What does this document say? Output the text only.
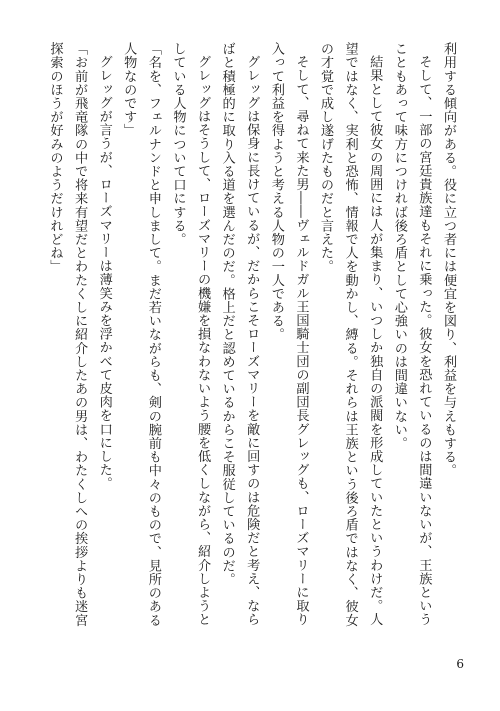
利用する傾向がある。役に立つ者には便宜を図り、利益を与えもする。

そして、一部の宮廷貴族達もそれに乗った。彼女を恐れているのは間違いないが、王族ということもあって味方につければ後ろ盾として心強いのは間違いない。

結果として彼女の周囲には人が集まり、いつしか独自の派閥を形成していたというわけだ。人望ではなく、実利と恐怖、情報で人を動かし、縛る。それらは王族という後ろ盾ではなく、彼女の才覚で成し遂げたものだと言えた。

そして、尋ねて来た男――ヴェルドガル王国騎士団の副団長グレッグも、ローズマリーに取り入って利益を得ようと考える人物の一人である。

グレッグは保身に長けているが、だからこそローズマリーを敵に回すのは危険だと考え、ならばと積極的に取り入る道を選んだのだ。格上だと認めているからこそ服従しているのだ。

グレッグはそうして、ローズマリーの機嫌を損なわないよう腰を低くしながら、紹介しようとしている人物について口にする。

「名を、フェルナンドと申しまして。まだ若いながらも、剣の腕前も中々のもので、見所のある人物なのです」

グレッグが言うが、ローズマリーは薄笑みを浮かべて皮肉を口にした。

「お前が飛竜隊の中で将来有望だとわたくしに紹介したあの男は、わたくしへの挨拶よりも迷宮探索のほうが好みのようだけれどね」

6
